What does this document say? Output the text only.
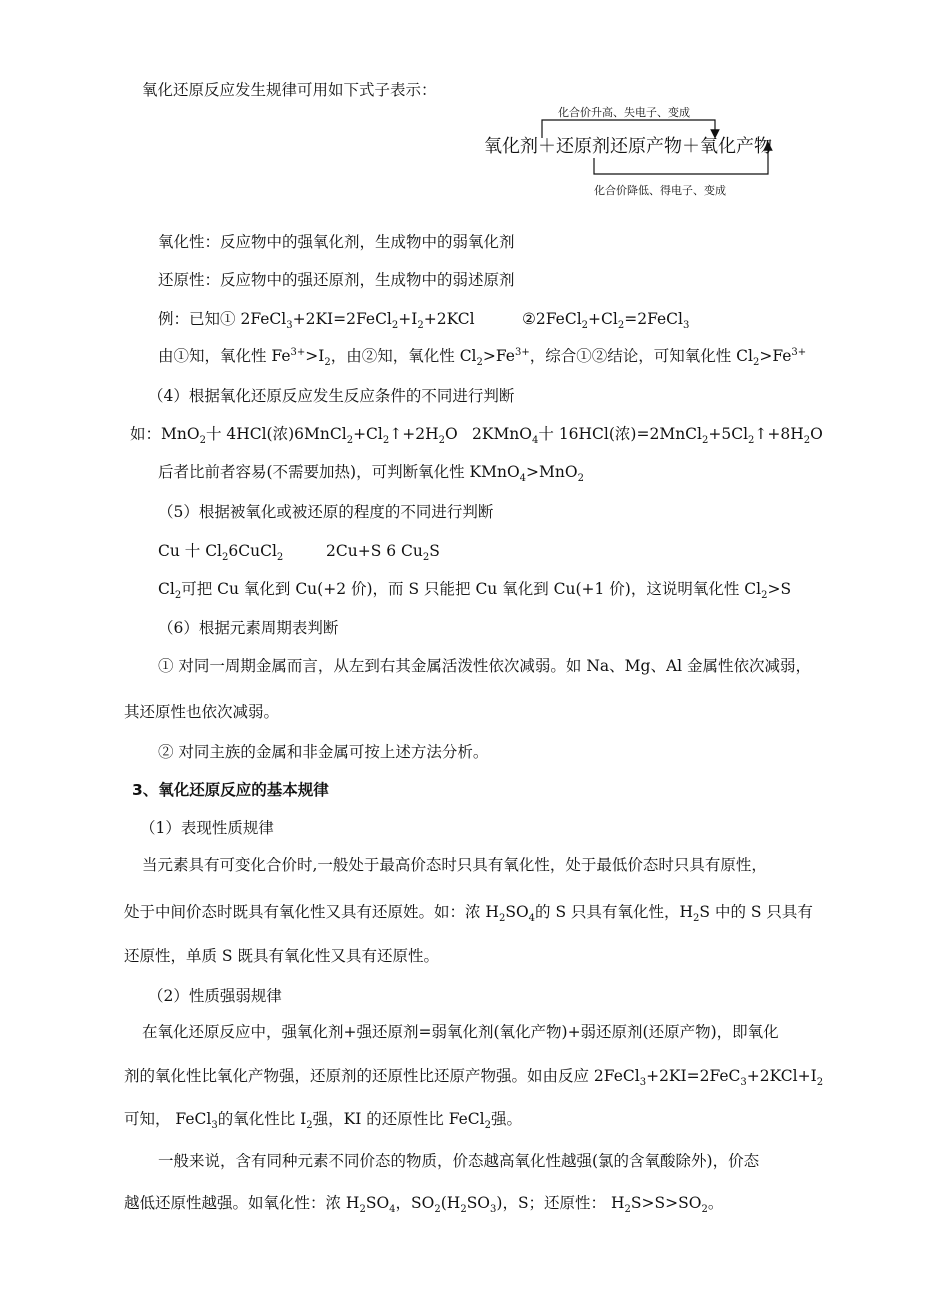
氧化还原反应发生规律可用如下式子表示：
化合价升高、失电子、变成
氧化剂＋还原剂还原产物＋氧化产物
化合价降低、得电子、变成
氧化性：反应物中的强氧化剂，生成物中的弱氧化剂
还原性：反应物中的强还原剂，生成物中的弱述原剂
例：已知① $2FeCl_3+2KI=2FeCl_2+I_2+2KCl$	$②2FeCl_2+Cl_2=2FeCl_3$
由①知，氧化性 $Fe^{3+}>I_2$，由②知，氧化性 $Cl_2>Fe^{3+}$，综合①②结论，可知氧化性 $Cl_2>Fe^{3+}$
（4）根据氧化还原反应发生反应条件的不同进行判断
如：MnO$_2$十 4HCl(浓)$6MnCl_2+Cl_2↑+2H_2O$ 2KMnO$_4$十 16HCl(浓)$=2MnCl_2+5Cl_2↑+8H_2O$
后者比前者容易(不需要加热)，可判断氧化性 KMnO$_4$>MnO$_2$
（5）根据被氧化或被还原的程度的不同进行判断
Cu 十 $Cl_26CuCl_2$	2Cu+S 6 $Cu_2S$
$Cl_2$可把 Cu 氧化到 Cu(+2 价)，而 S 只能把 Cu 氧化到 Cu(+1 价)，这说明氧化性 $Cl_2>S$
（6）根据元素周期表判断
① 对同一周期金属而言，从左到右其金属活泼性依次减弱。如 Na、Mg、Al 金属性依次减弱，
其还原性也依次减弱。
② 对同主族的金属和非金属可按上述方法分析。
3、氧化还原反应的基本规律
（1）表现性质规律
当元素具有可变化合价时,一般处于最高价态时只具有氧化性，处于最低价态时只具有原性，
处于中间价态时既具有氧化性又具有还原姓。如：浓 $H_2SO_4$的 S 只具有氧化性，$H_2S$ 中的 S 只具有
还原性，单质 S 既具有氧化性又具有还原性。
（2）性质强弱规律
在氧化还原反应中，强氧化剂+强还原剂=弱氧化剂(氧化产物)+弱还原剂(还原产物)，即氧化
剂的氧化性比氧化产物强，还原剂的还原性比还原产物强。如由反应 $2FeCl_3+2KI=2FeC_3+2KCl+I_2$
可知， FeCl$_3$的氧化性比 $I_2$强，KI 的还原性比 FeCl$_2$强。
一般来说，含有同种元素不同价态的物质，价态越高氧化性越强(氯的含氧酸除外)，价态
越低还原性越强。如氧化性：浓 $H_2SO_4$，$SO_2(H_2SO_3)$，S；还原性： $H_2S>S>SO_2$。
